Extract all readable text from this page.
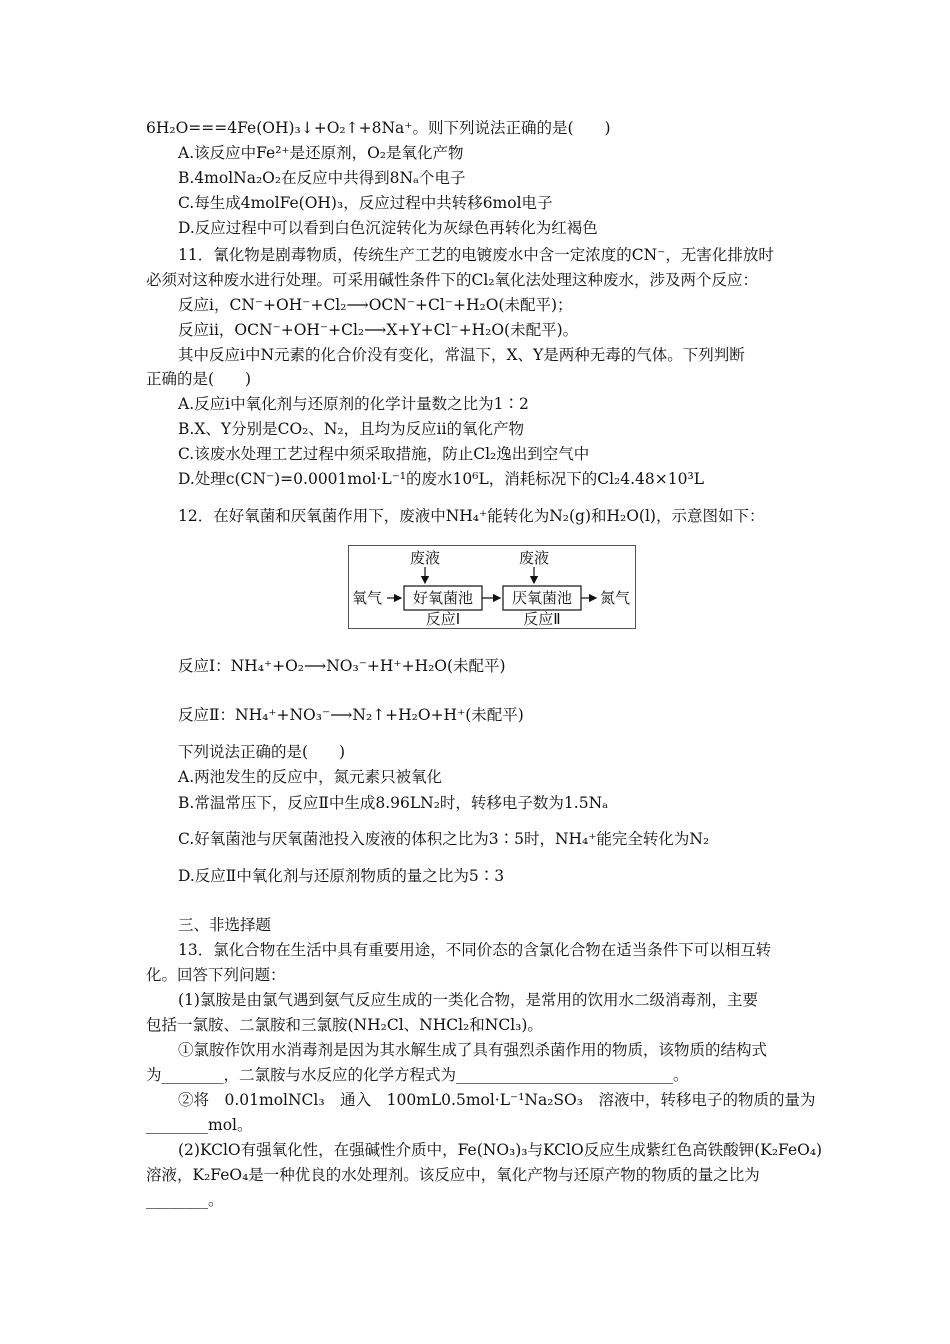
6H₂O===4Fe(OH)₃↓+O₂↑+8Na⁺。则下列说法正确的是(　　)
A.该反应中Fe²⁺是还原剂，O₂是氧化产物
B.4molNa₂O₂在反应中共得到8Nₐ个电子
C.每生成4molFe(OH)₃，反应过程中共转移6mol电子
D.反应过程中可以看到白色沉淀转化为灰绿色再转化为红褐色
11．氰化物是剧毒物质，传统生产工艺的电镀废水中含一定浓度的CN⁻，无害化排放时
必须对这种废水进行处理。可采用碱性条件下的Cl₂氧化法处理这种废水，涉及两个反应：
反应ⅰ，CN⁻+OH⁻+Cl₂⟶OCN⁻+Cl⁻+H₂O(未配平)；
反应ⅱ，OCN⁻+OH⁻+Cl₂⟶X+Y+Cl⁻+H₂O(未配平)。
其中反应ⅰ中N元素的化合价没有变化，常温下，X、Y是两种无毒的气体。下列判断
正确的是(　　)
A.反应ⅰ中氧化剂与还原剂的化学计量数之比为1∶2
B.X、Y分别是CO₂、N₂，且均为反应ⅱ的氧化产物
C.该废水处理工艺过程中须采取措施，防止Cl₂逸出到空气中
D.处理c(CN⁻)=0.0001mol·L⁻¹的废水10⁶L，消耗标况下的Cl₂4.48×10³L
12．在好氧菌和厌氧菌作用下，废液中NH₄⁺能转化为N₂(g)和H₂O(l)，示意图如下：
废液	废液
氧气 好氧菌池	厌氧菌池 氮气
反应Ⅰ	反应Ⅱ
反应Ⅰ：NH₄⁺+O₂⟶NO₃⁻+H⁺+H₂O(未配平)
反应Ⅱ：NH₄⁺+NO₃⁻⟶N₂↑+H₂O+H⁺(未配平)
下列说法正确的是(　　)
A.两池发生的反应中，氮元素只被氧化
B.常温常压下，反应Ⅱ中生成8.96LN₂时，转移电子数为1.5Nₐ
C.好氧菌池与厌氧菌池投入废液的体积之比为3∶5时，NH₄⁺能完全转化为N₂
D.反应Ⅱ中氧化剂与还原剂物质的量之比为5∶3
三、非选择题
13．氯化合物在生活中具有重要用途，不同价态的含氯化合物在适当条件下可以相互转
化。回答下列问题：
(1)氯胺是由氯气遇到氨气反应生成的一类化合物，是常用的饮用水二级消毒剂，主要
包括一氯胺、二氯胺和三氯胺(NH₂Cl、NHCl₂和NCl₃)。
①氯胺作饮用水消毒剂是因为其水解生成了具有强烈杀菌作用的物质，该物质的结构式
为________，二氯胺与水反应的化学方程式为____________________________。
②将　0.01molNCl₃　通入　100mL0.5mol·L⁻¹Na₂SO₃　溶液中，转移电子的物质的量为
________mol。
(2)KClO有强氧化性，在强碱性介质中，Fe(NO₃)₃与KClO反应生成紫红色高铁酸钾(K₂FeO₄)
溶液，K₂FeO₄是一种优良的水处理剂。该反应中，氧化产物与还原产物的物质的量之比为
________。
